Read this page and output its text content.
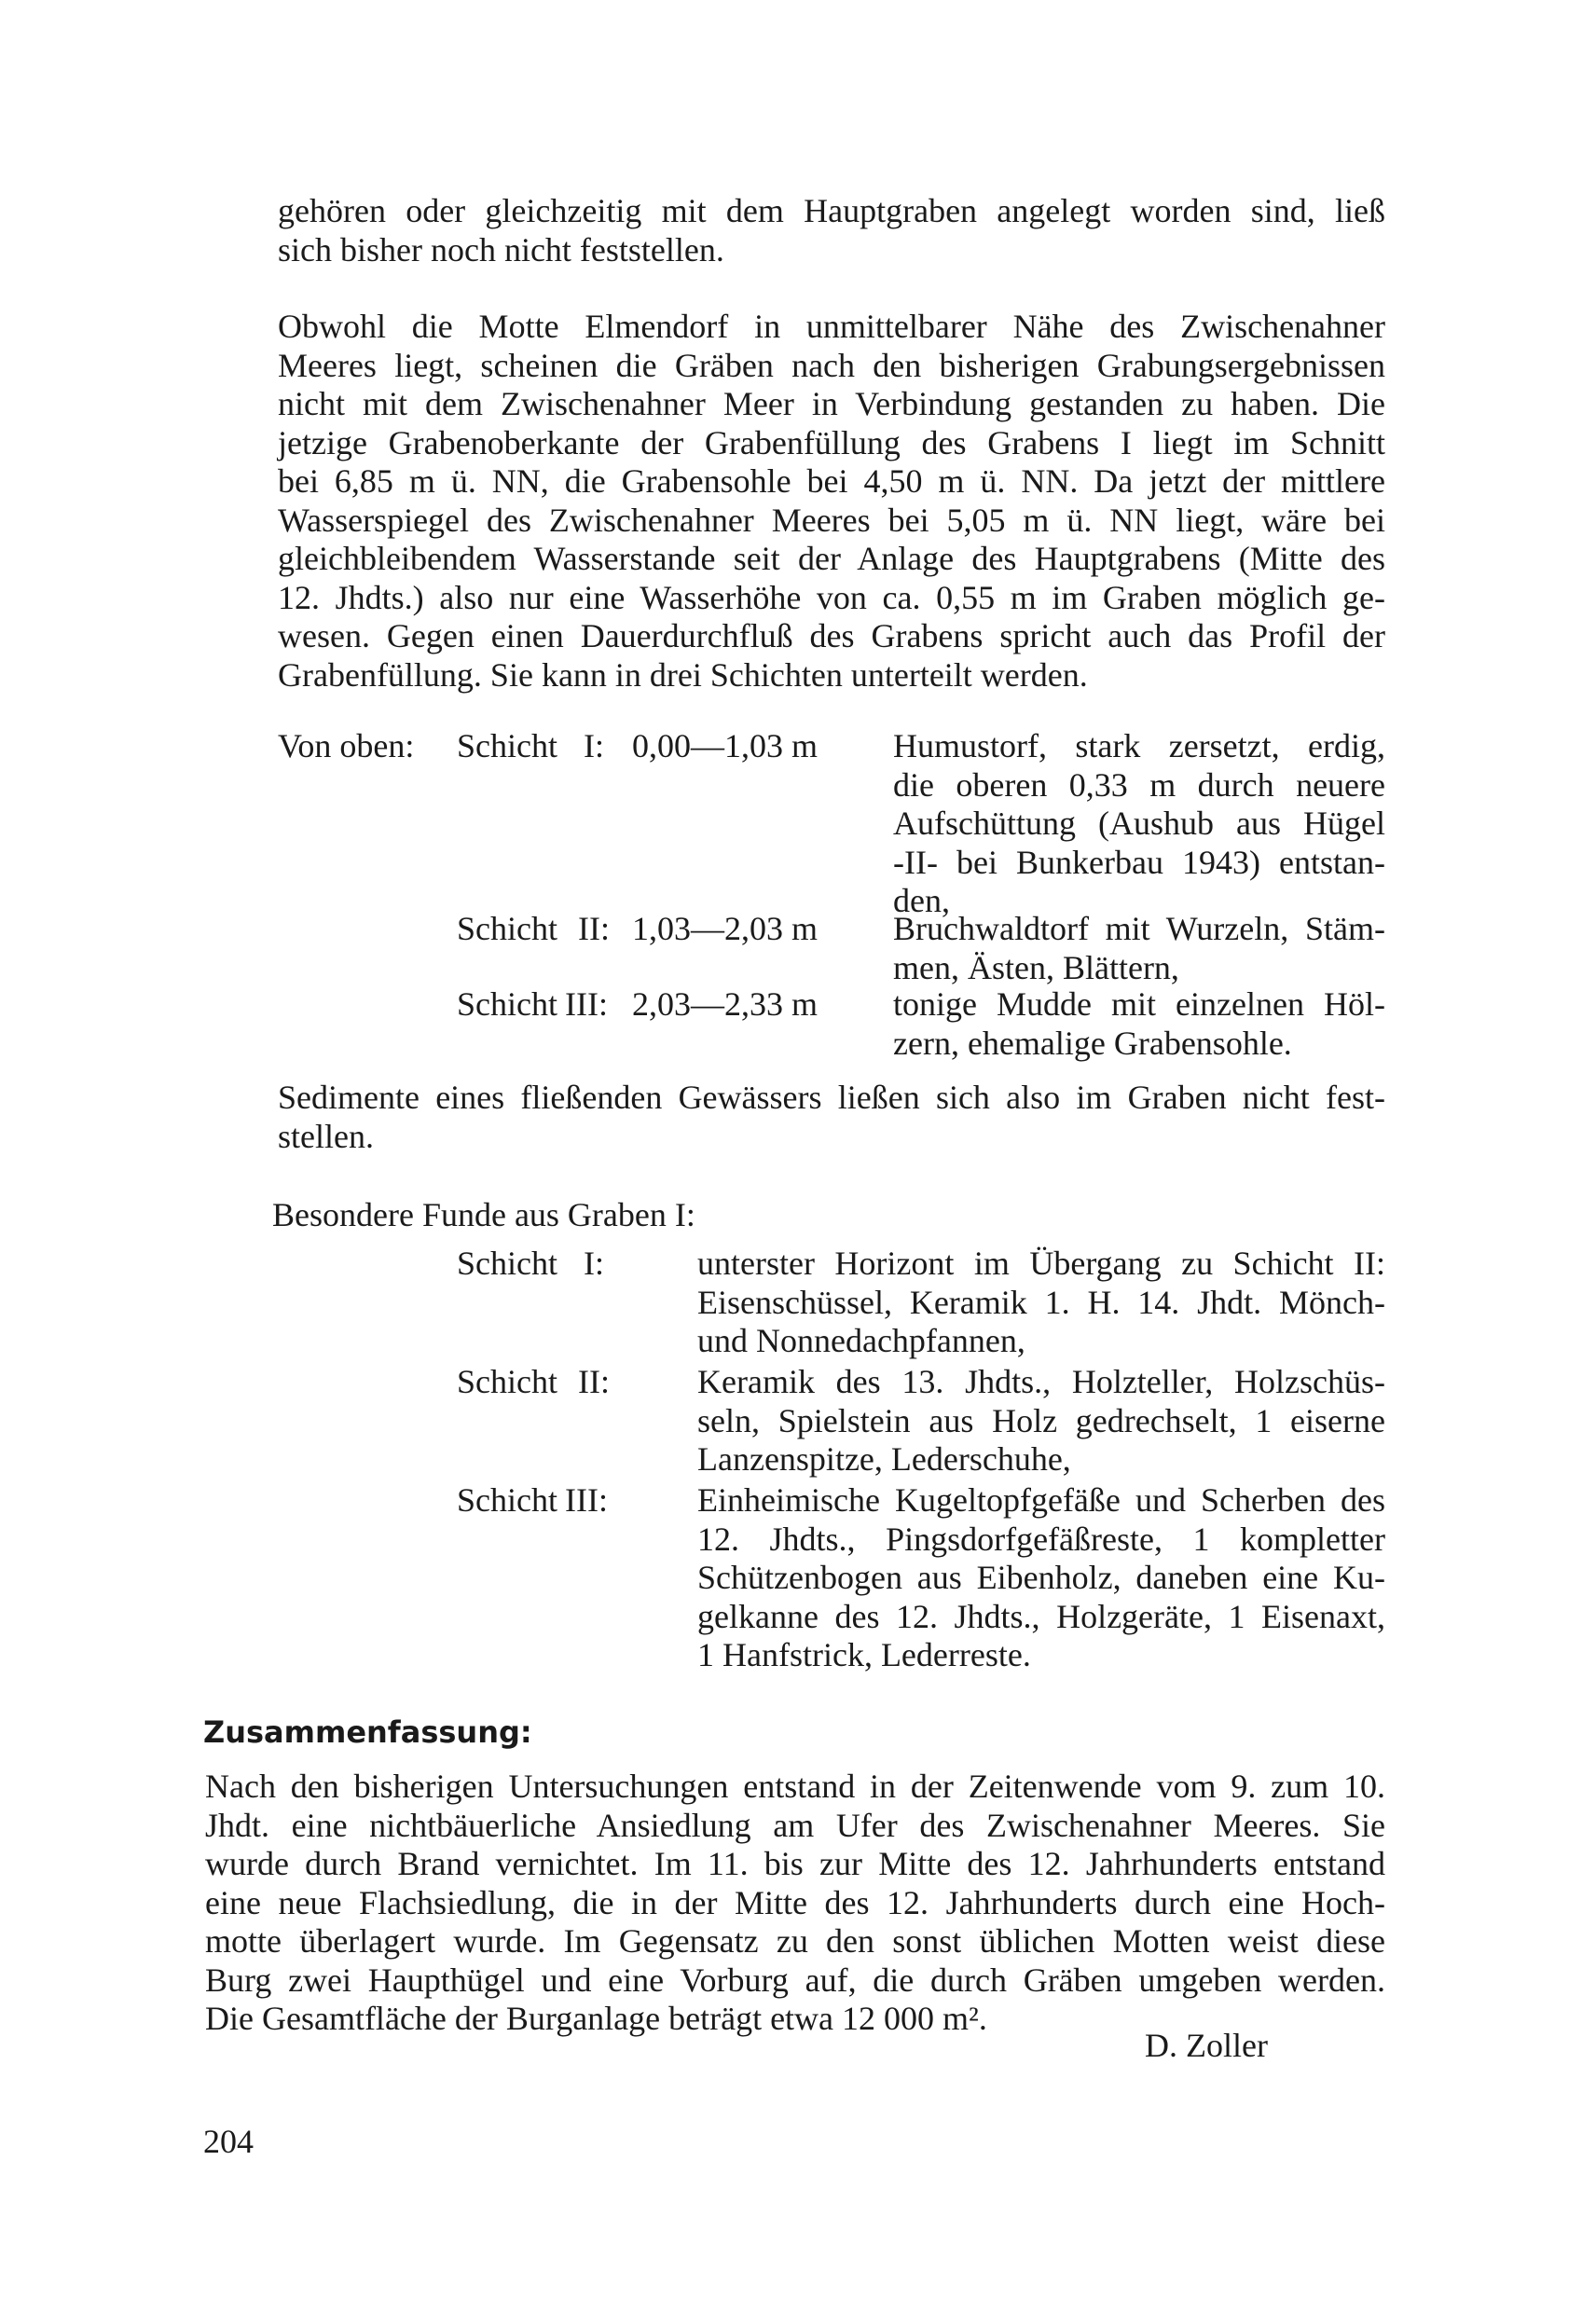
gehören oder gleichzeitig mit dem Hauptgraben angelegt worden sind, ließ
sich bisher noch nicht feststellen.
Obwohl die Motte Elmendorf in unmittelbarer Nähe des Zwischenahner
Meeres liegt, scheinen die Gräben nach den bisherigen Grabungsergebnissen
nicht mit dem Zwischenahner Meer in Verbindung gestanden zu haben. Die
jetzige Grabenoberkante der Grabenfüllung des Grabens I liegt im Schnitt
bei 6,85 m ü. NN, die Grabensohle bei 4,50 m ü. NN. Da jetzt der mittlere
Wasserspiegel des Zwischenahner Meeres bei 5,05 m ü. NN liegt, wäre bei
gleichbleibendem Wasserstande seit der Anlage des Hauptgrabens (Mitte des
12. Jhdts.) also nur eine Wasserhöhe von ca. 0,55 m im Graben möglich ge-
wesen. Gegen einen Dauerdurchfluß des Grabens spricht auch das Profil der
Grabenfüllung. Sie kann in drei Schichten unterteilt werden.

Von oben: Schicht I: 0,00—1,03 m Humustorf, stark zersetzt, erdig,
die oberen 0,33 m durch neuere
Aufschüttung (Aushub aus Hügel
-II- bei Bunkerbau 1943) entstan-
den,

Schicht II: 1,03—2,03 m Bruchwaldtorf mit Wurzeln, Stäm-
men, Ästen, Blättern,

Schicht III: 2,03—2,33 m tonige Mudde mit einzelnen Höl-
zern, ehemalige Grabensohle.
Sedimente eines fließenden Gewässers ließen sich also im Graben nicht fest-
stellen.

Besondere Funde aus Graben I:

Schicht I:	unterster Horizont im Übergang zu Schicht II:
Eisenschüssel, Keramik 1. H. 14. Jhdt. Mönch-
und Nonnedachpfannen,

Schicht II:	Keramik des 13. Jhdts., Holzteller, Holzschüs-
seln, Spielstein aus Holz gedrechselt, 1 eiserne
Lanzenspitze, Lederschuhe,

Schicht III:	Einheimische Kugeltopfgefäße und Scherben des
12. Jhdts., Pingsdorfgefäßreste, 1 kompletter
Schützenbogen aus Eibenholz, daneben eine Ku-
gelkanne des 12. Jhdts., Holzgeräte, 1 Eisenaxt,
1 Hanfstrick, Lederreste.

Zusammenfassung:

Nach den bisherigen Untersuchungen entstand in der Zeitenwende vom 9. zum 10.
Jhdt. eine nichtbäuerliche Ansiedlung am Ufer des Zwischenahner Meeres. Sie
wurde durch Brand vernichtet. Im 11. bis zur Mitte des 12. Jahrhunderts entstand
eine neue Flachsiedlung, die in der Mitte des 12. Jahrhunderts durch eine Hoch-
motte überlagert wurde. Im Gegensatz zu den sonst üblichen Motten weist diese
Burg zwei Haupthügel und eine Vorburg auf, die durch Gräben umgeben werden.
Die Gesamtfläche der Burganlage beträgt etwa 12 000 m².

D. Zoller

204
